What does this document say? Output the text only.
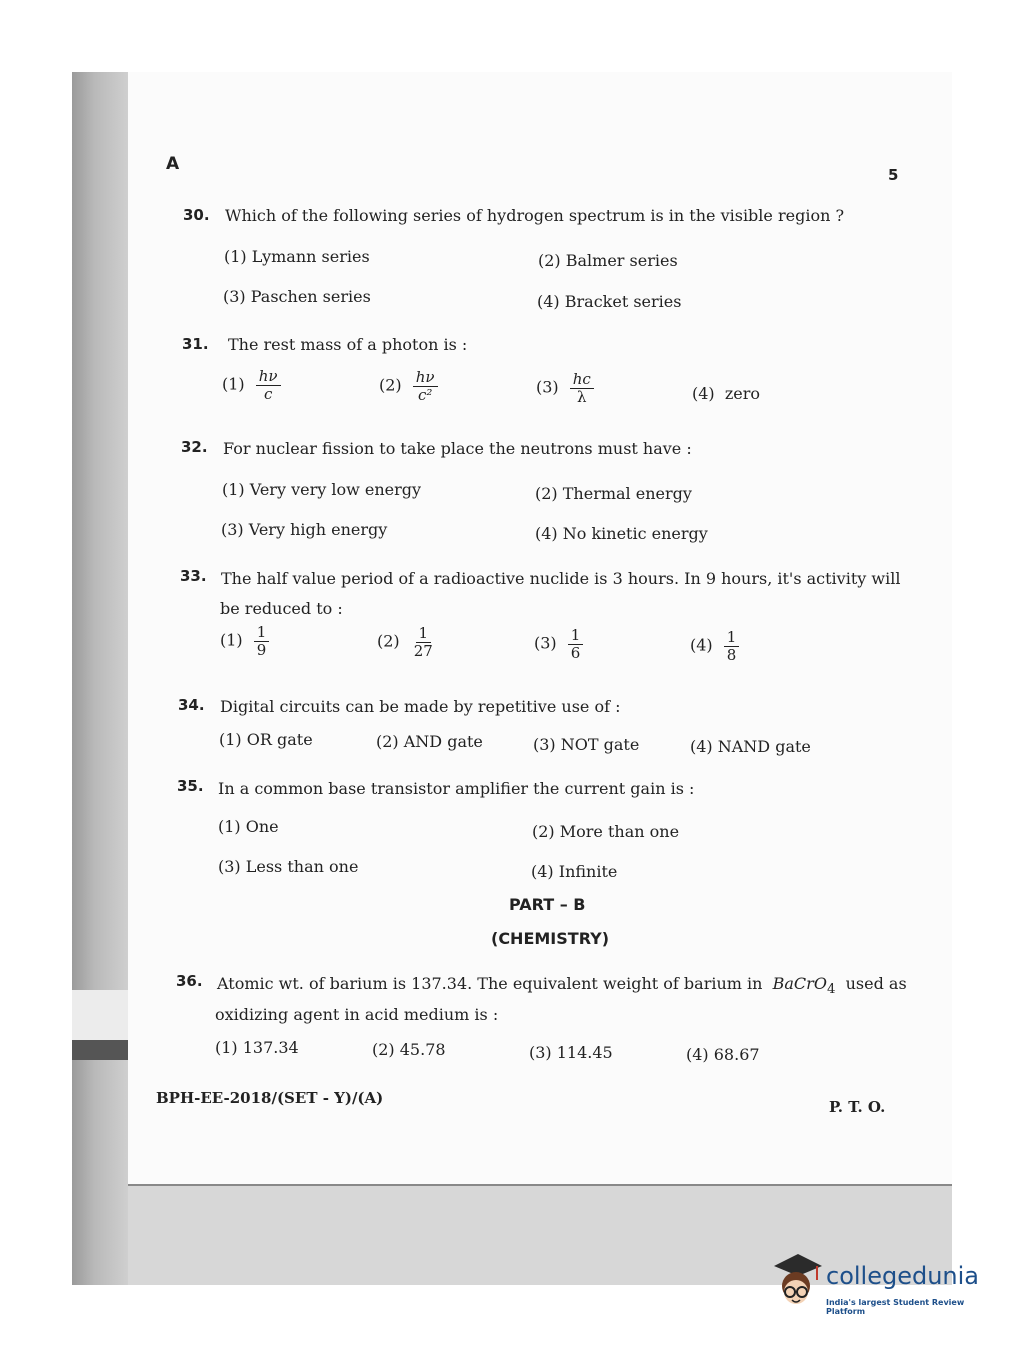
A
5
30. Which of the following series of hydrogen spectrum is in the visible region ?
(1) Lymann series	(2) Balmer series
(3) Paschen series	(4) Bracket series
31. The rest mass of a photon is :
$(1) \frac{h\nu}{c}$	$(2) \frac{h\nu}{\text{c²}}$	$(3) \frac{hc}{\lambda}$	(4) zero
32. For nuclear fission to take place the neutrons must have :
(1) Very very low energy	(2) Thermal energy
(3) Very high energy	(4) No kinetic energy
33. The half value period of a radioactive nuclide is 3 hours. In 9 hours, it's activity will
be reduced to :
$(1) \frac{1}{9}$	$(2) \frac{1}{27}$	$(3) \frac{1}{6}$	$(4) \frac{1}{8}$
34. Digital circuits can be made by repetitive use of :
(1) OR gate	(2) AND gate	(3) NOT gate	(4) NAND gate
35. In a common base transistor amplifier the current gain is :
(1) One	(2) More than one
(3) Less than one	(4) Infinite
PART – B
(CHEMISTRY)
36. Atomic wt. of barium is 137.34. The equivalent weight of barium in BaCrO$_4$ used as
oxidizing agent in acid medium is :
(1) 137.34	(2) 45.78	(3) 114.45	(4) 68.67
BPH-EE-2018/(SET - Y)/(A)	P. T. O.
collegedunia
India's largest Student Review Platform
